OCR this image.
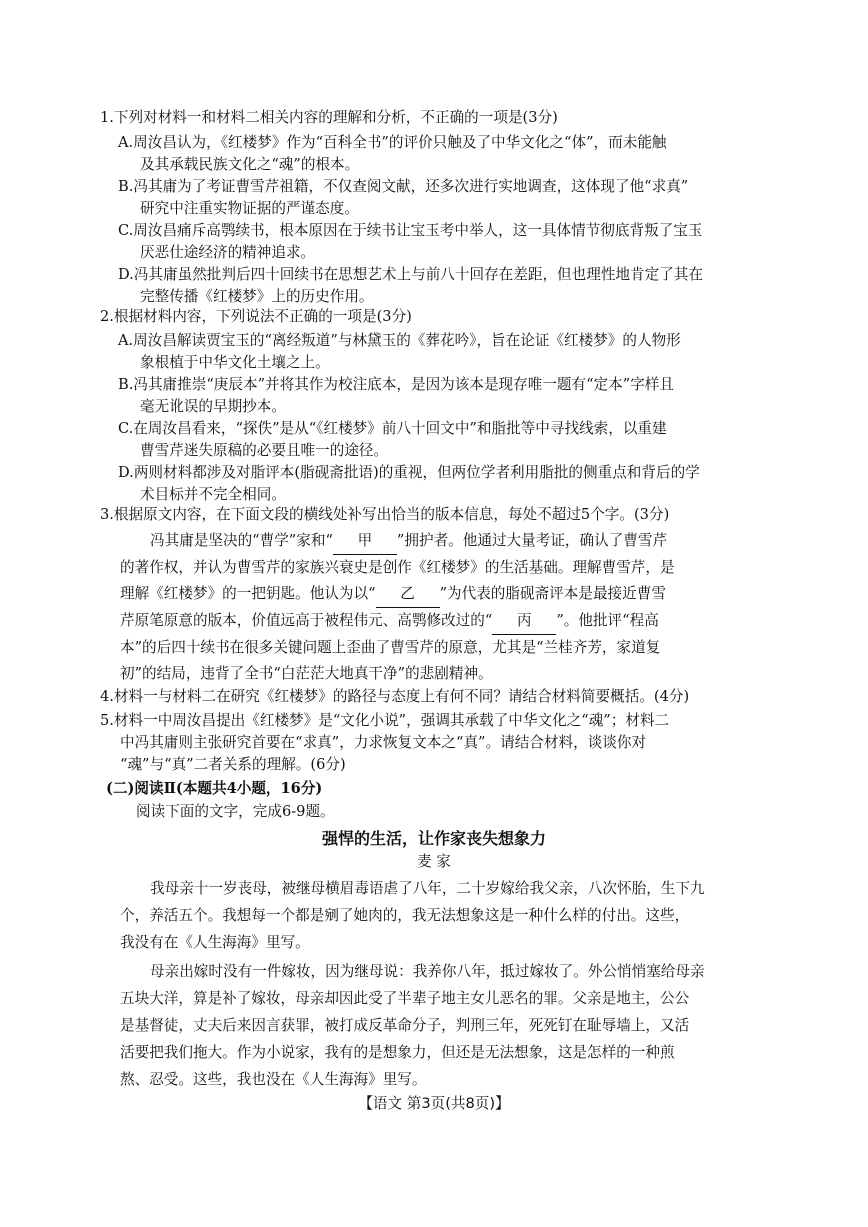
1.下列对材料一和材料二相关内容的理解和分析，不正确的一项是(3分)
A.周汝昌认为，《红楼梦》作为“百科全书”的评价只触及了中华文化之“体”，而未能触
及其承载民族文化之“魂”的根本。
B.冯其庸为了考证曹雪芹祖籍，不仅查阅文献，还多次进行实地调查，这体现了他“求真”
研究中注重实物证据的严谨态度。
C.周汝昌痛斥高鹗续书，根本原因在于续书让宝玉考中举人，这一具体情节彻底背叛了宝玉
厌恶仕途经济的精神追求。
D.冯其庸虽然批判后四十回续书在思想艺术上与前八十回存在差距，但也理性地肯定了其在
完整传播《红楼梦》上的历史作用。
2.根据材料内容，下列说法不正确的一项是(3分)
A.周汝昌解读贾宝玉的“离经叛道”与林黛玉的《葬花吟》，旨在论证《红楼梦》的人物形
象根植于中华文化土壤之上。
B.冯其庸推崇“庚辰本”并将其作为校注底本，是因为该本是现存唯一题有“定本”字样且
毫无讹误的早期抄本。
C.在周汝昌看来，“探佚”是从“《红楼梦》前八十回文中”和脂批等中寻找线索，以重建
曹雪芹迷失原稿的必要且唯一的途径。
D.两则材料都涉及对脂评本(脂砚斋批语)的重视，但两位学者利用脂批的侧重点和背后的学
术目标并不完全相同。
3.根据原文内容，在下面文段的横线处补写出恰当的版本信息，每处不超过5个字。(3分)
冯其庸是坚决的“曹学”家和“ 甲 ”拥护者。他通过大量考证，确认了曹雪芹
的著作权，并认为曹雪芹的家族兴衰史是创作《红楼梦》的生活基础。理解曹雪芹，是
理解《红楼梦》的一把钥匙。他认为以“ 乙 ”为代表的脂砚斋评本是最接近曹雪
芹原笔原意的版本，价值远高于被程伟元、高鹗修改过的“ 丙 ”。他批评“程高
本”的后四十续书在很多关键问题上歪曲了曹雪芹的原意，尤其是“兰桂齐芳，家道复
初”的结局，违背了全书“白茫茫大地真干净”的悲剧精神。
4.材料一与材料二在研究《红楼梦》的路径与态度上有何不同？请结合材料简要概括。(4分)
5.材料一中周汝昌提出《红楼梦》是“文化小说”，强调其承载了中华文化之“魂”；材料二
中冯其庸则主张研究首要在“求真”，力求恢复文本之“真”。请结合材料，谈谈你对
“魂”与“真”二者关系的理解。(6分)
(二)阅读Ⅱ(本题共4小题，16分)
阅读下面的文字，完成6-9题。
强悍的生活，让作家丧失想象力
麦 家
我母亲十一岁丧母，被继母横眉毒语虐了八年，二十岁嫁给我父亲，八次怀胎，生下九
个，养活五个。我想每一个都是剜了她肉的，我无法想象这是一种什么样的付出。这些，
我没有在《人生海海》里写。
母亲出嫁时没有一件嫁妆，因为继母说：我养你八年，抵过嫁妆了。外公悄悄塞给母亲
五块大洋，算是补了嫁妆，母亲却因此受了半辈子地主女儿恶名的罪。父亲是地主，公公
是基督徒，丈夫后来因言获罪，被打成反革命分子，判刑三年，死死钉在耻辱墙上，又活
活要把我们拖大。作为小说家，我有的是想象力，但还是无法想象，这是怎样的一种煎
熬、忍受。这些，我也没在《人生海海》里写。
【语文 第3页(共8页)】
